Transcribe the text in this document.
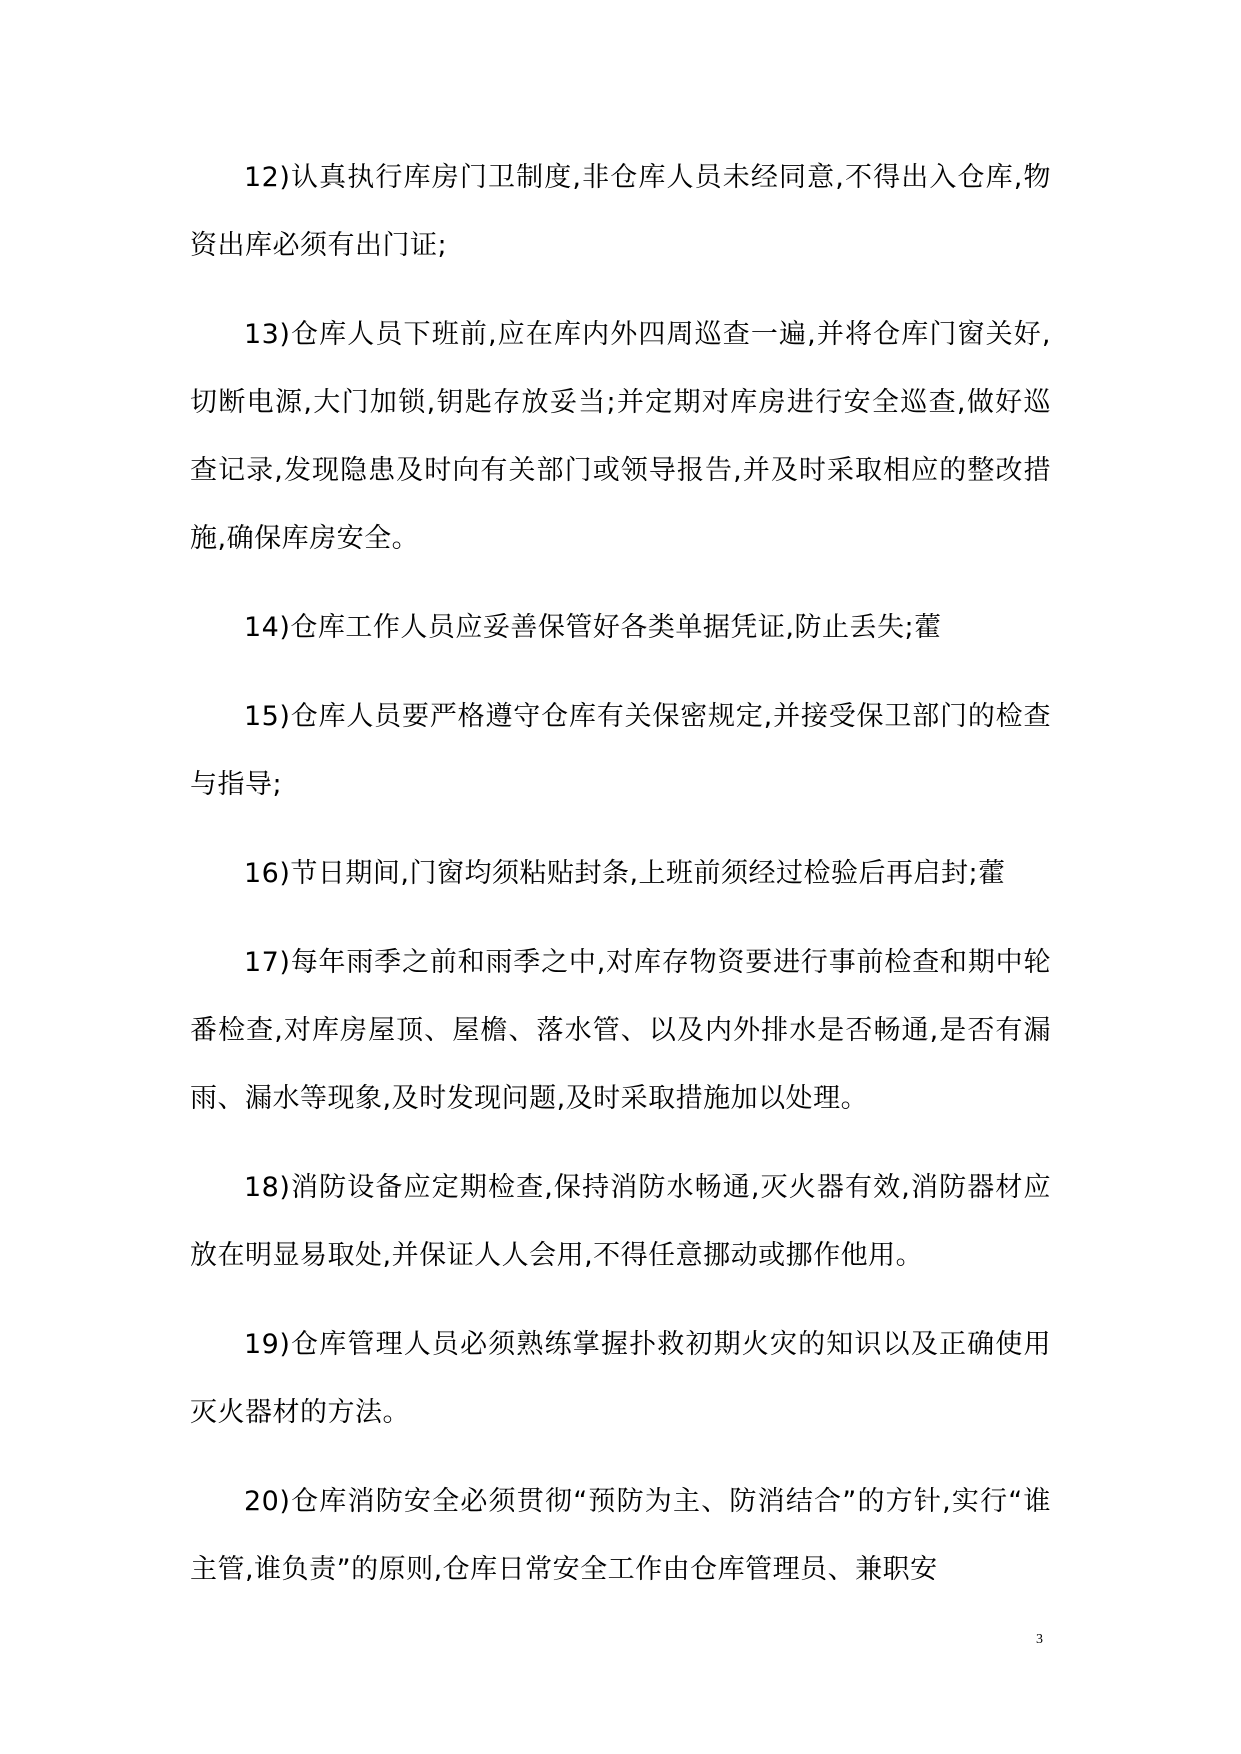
12)认真执行库房门卫制度,非仓库人员未经同意,不得出入仓库,物资出库必须有出门证;

13)仓库人员下班前,应在库内外四周巡查一遍,并将仓库门窗关好,切断电源,大门加锁,钥匙存放妥当;并定期对库房进行安全巡查,做好巡查记录,发现隐患及时向有关部门或领导报告,并及时采取相应的整改措施,确保库房安全。

14)仓库工作人员应妥善保管好各类单据凭证,防止丢失;藿

15)仓库人员要严格遵守仓库有关保密规定,并接受保卫部门的检查与指导;

16)节日期间,门窗均须粘贴封条,上班前须经过检验后再启封;藿

17)每年雨季之前和雨季之中,对库存物资要进行事前检查和期中轮番检查,对库房屋顶、屋檐、落水管、以及内外排水是否畅通,是否有漏雨、漏水等现象,及时发现问题,及时采取措施加以处理。

18)消防设备应定期检查,保持消防水畅通,灭火器有效,消防器材应放在明显易取处,并保证人人会用,不得任意挪动或挪作他用。

19)仓库管理人员必须熟练掌握扑救初期火灾的知识以及正确使用灭火器材的方法。

20)仓库消防安全必须贯彻“预防为主、防消结合”的方针,实行“谁主管,谁负责”的原则,仓库日常安全工作由仓库管理员、兼职安

3
